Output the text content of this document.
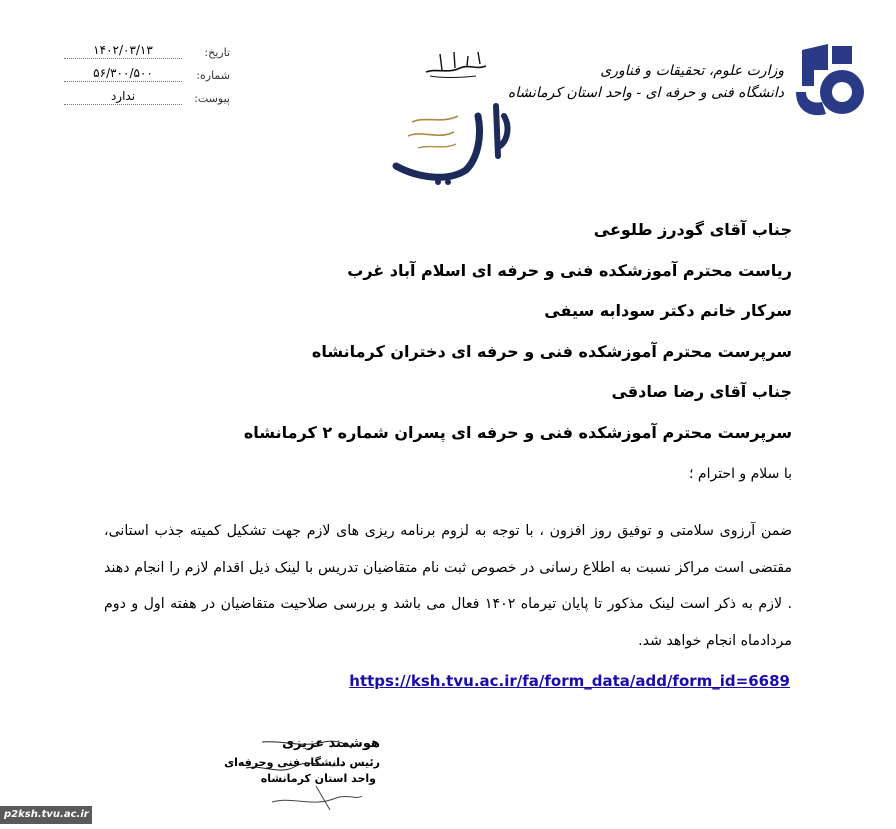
وزارت علوم، تحقیقات و فناوری
دانشگاه فنی و حرفه ای - واحد استان کرمانشاه
تاریخ:
۱۴۰۲/۰۳/۱۳
شماره:
۵۶/۳۰۰/۵۰۰
پیوست:
ندارد
جناب آقای گودرز طلوعی
ریاست محترم آموزشکده فنی و حرفه ای اسلام آباد غرب
سرکار خانم دکتر سودابه سیفی
سرپرست محترم آموزشکده فنی و حرفه ای دختران کرمانشاه
جناب آقای رضا صادقی
سرپرست محترم آموزشکده فنی و حرفه ای پسران شماره ۲ کرمانشاه
با سلام و احترام ؛
ضمن آرزوی سلامتی و توفیق روز افزون ، با توجه به لزوم برنامه ریزی های لازم جهت تشکیل کمیته جذب استانی، مقتضی است مراکز نسبت به اطلاع رسانی در خصوص ثبت نام متقاضیان تدریس با لینک ذیل اقدام لازم را انجام دهند . لازم به ذکر است لینک مذکور تا پایان تیرماه ۱۴۰۲ فعال می باشد و بررسی صلاحیت متقاضیان در هفته اول و دوم مردادماه انجام خواهد شد.
https://ksh.tvu.ac.ir/fa/form_data/add/form_id=6689
هوشمند عزیزی
رئیس دانشگاه فنی وحرفه‌ای
واحد استان کرمانشاه
p2ksh.tvu.ac.ir
